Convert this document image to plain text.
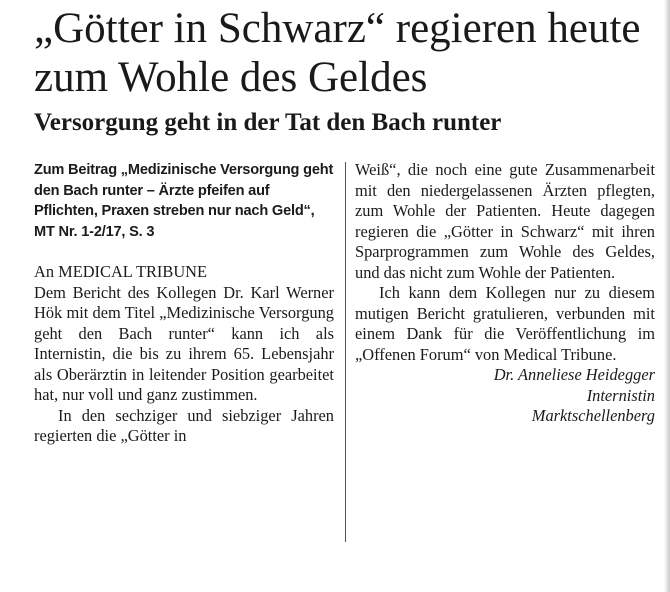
„Götter in Schwarz“ regieren heute zum Wohle des Geldes
Versorgung geht in der Tat den Bach runter

Zum Beitrag „Medizinische Versorgung geht den Bach runter – Ärzte pfeifen auf Pflichten, Praxen streben nur nach Geld“, MT Nr. 1-2/17, S. 3

An MEDICAL TRIBUNE

Dem Bericht des Kollegen Dr. Karl Werner Hök mit dem Titel „Medizinische Versorgung geht den Bach runter“ kann ich als Internistin, die bis zu ihrem 65. Lebensjahr als Oberärztin in leitender Position gearbeitet hat, nur voll und ganz zustimmen.

In den sechziger und siebziger Jahren regierten die „Götter in

Weiß“, die noch eine gute Zusammenarbeit mit den niedergelassenen Ärzten pflegten, zum Wohle der Patienten. Heute dagegen regieren die „Götter in Schwarz“ mit ihren Sparprogrammen zum Wohle des Geldes, und das nicht zum Wohle der Patienten.

Ich kann dem Kollegen nur zu diesem mutigen Bericht gratulieren, verbunden mit einem Dank für die Veröffentlichung im „Offenen Forum“ von Medical Tribune.

Dr. Anneliese Heidegger

Internistin

Marktschellenberg
